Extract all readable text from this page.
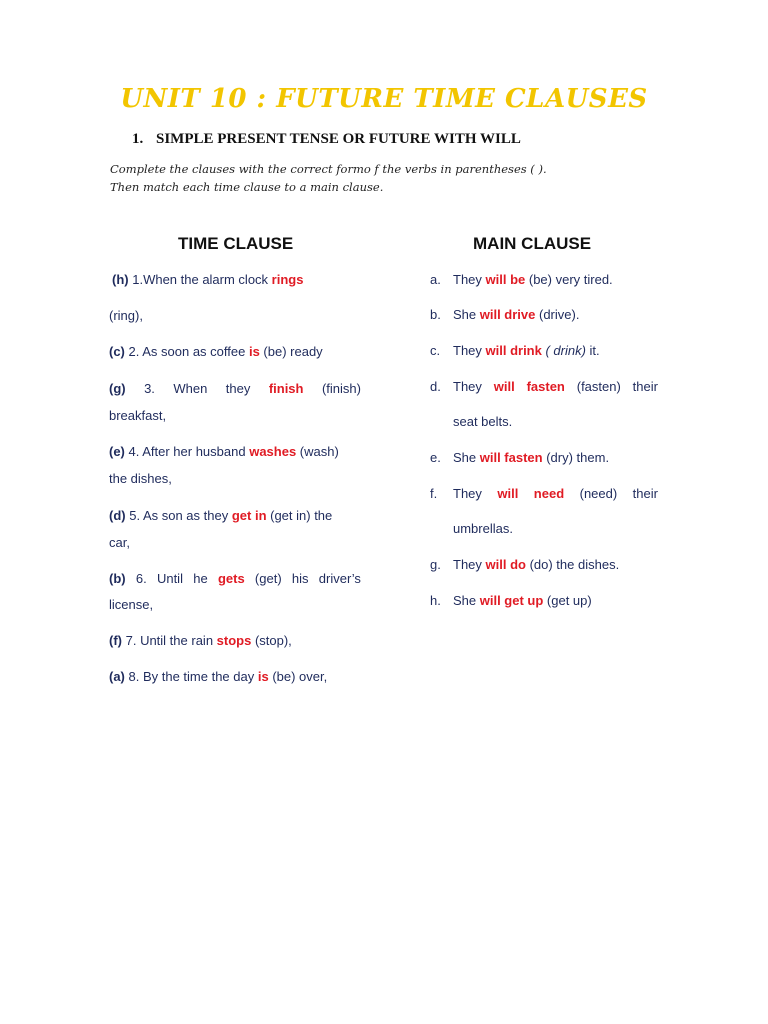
UNIT 10 : FUTURE TIME CLAUSES
1. SIMPLE PRESENT TENSE OR FUTURE WITH WILL
Complete the clauses with the correct formo f the verbs in parentheses ( ).
Then match each time clause to a main clause.
TIME CLAUSE	MAIN CLAUSE
(h) 1.When the alarm clock rings
(ring),
(c) 2. As soon as coffee is (be) ready
(g) 3. When they finish (finish)
breakfast,
(e) 4. After her husband washes (wash)
the dishes,
(d) 5. As son as they get in (get in) the
car,
(b) 6. Until he gets (get) his driver’s
license,
(f) 7. Until the rain stops (stop),
(a) 8. By the time the day is (be) over,
a. They will be (be) very tired.
b. She will drive (drive).
c. They will drink ( drink) it.
d. They will fasten (fasten) their
seat belts.
e. She will fasten (dry) them.
f. They will need (need) their
umbrellas.
g. They will do (do) the dishes.
h. She will get up (get up)
